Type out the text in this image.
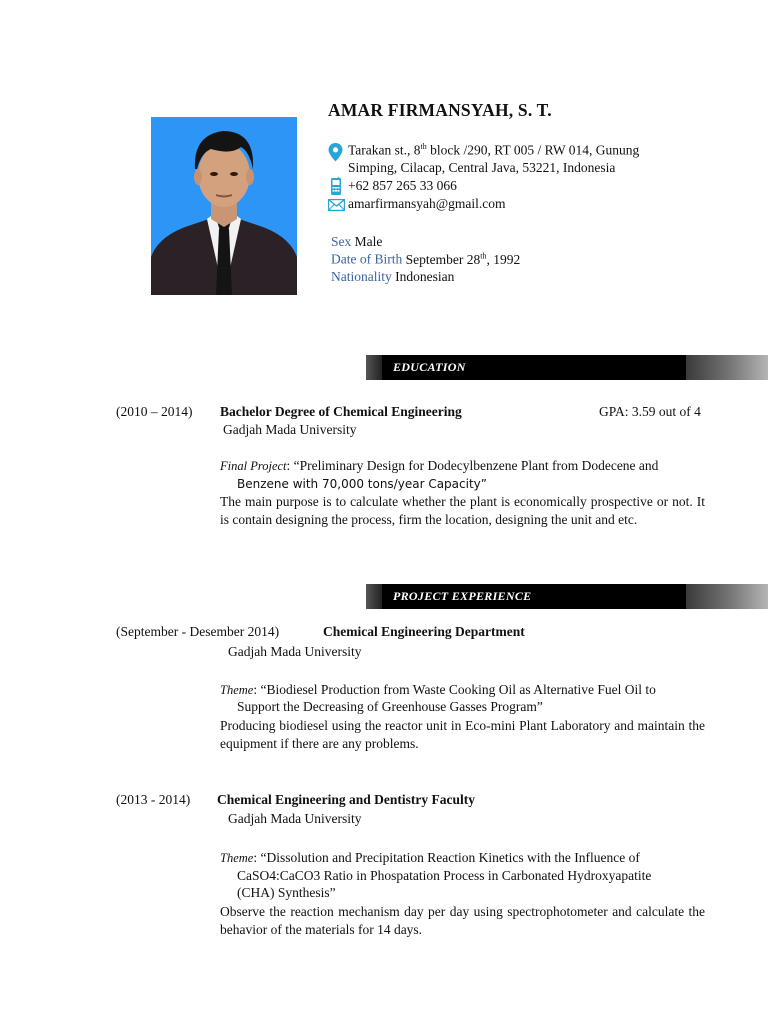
AMAR FIRMANSYAH, S. T.
Tarakan st., 8th block /290, RT 005 / RW 014, Gunung
Simping, Cilacap, Central Java, 53221, Indonesia
+62 857 265 33 066
amarfirmansyah@gmail.com
Sex Male
Date of Birth September 28th, 1992
Nationality Indonesian
EDUCATION
(2010 – 2014) Bachelor Degree of Chemical Engineering	GPA: 3.59 out of 4
Gadjah Mada University
Final Project: “Preliminary Design for Dodecylbenzene Plant from Dodecene and
Benzene with 70,000 tons/year Capacity”
The main purpose is to calculate whether the plant is economically prospective or not. It is contain designing the process, firm the location, designing the unit and etc.
PROJECT EXPERIENCE
(September - Desember 2014)	Chemical Engineering Department
Gadjah Mada University
Theme: “Biodiesel Production from Waste Cooking Oil as Alternative Fuel Oil to
Support the Decreasing of Greenhouse Gasses Program”
Producing biodiesel using the reactor unit in Eco-mini Plant Laboratory and maintain the equipment if there are any problems.
(2013 - 2014) Chemical Engineering and Dentistry Faculty
Gadjah Mada University
Theme: “Dissolution and Precipitation Reaction Kinetics with the Influence of
CaSO4:CaCO3 Ratio in Phospatation Process in Carbonated Hydroxyapatite
(CHA) Synthesis”
Observe the reaction mechanism day per day using spectrophotometer and calculate the behavior of the materials for 14 days.
